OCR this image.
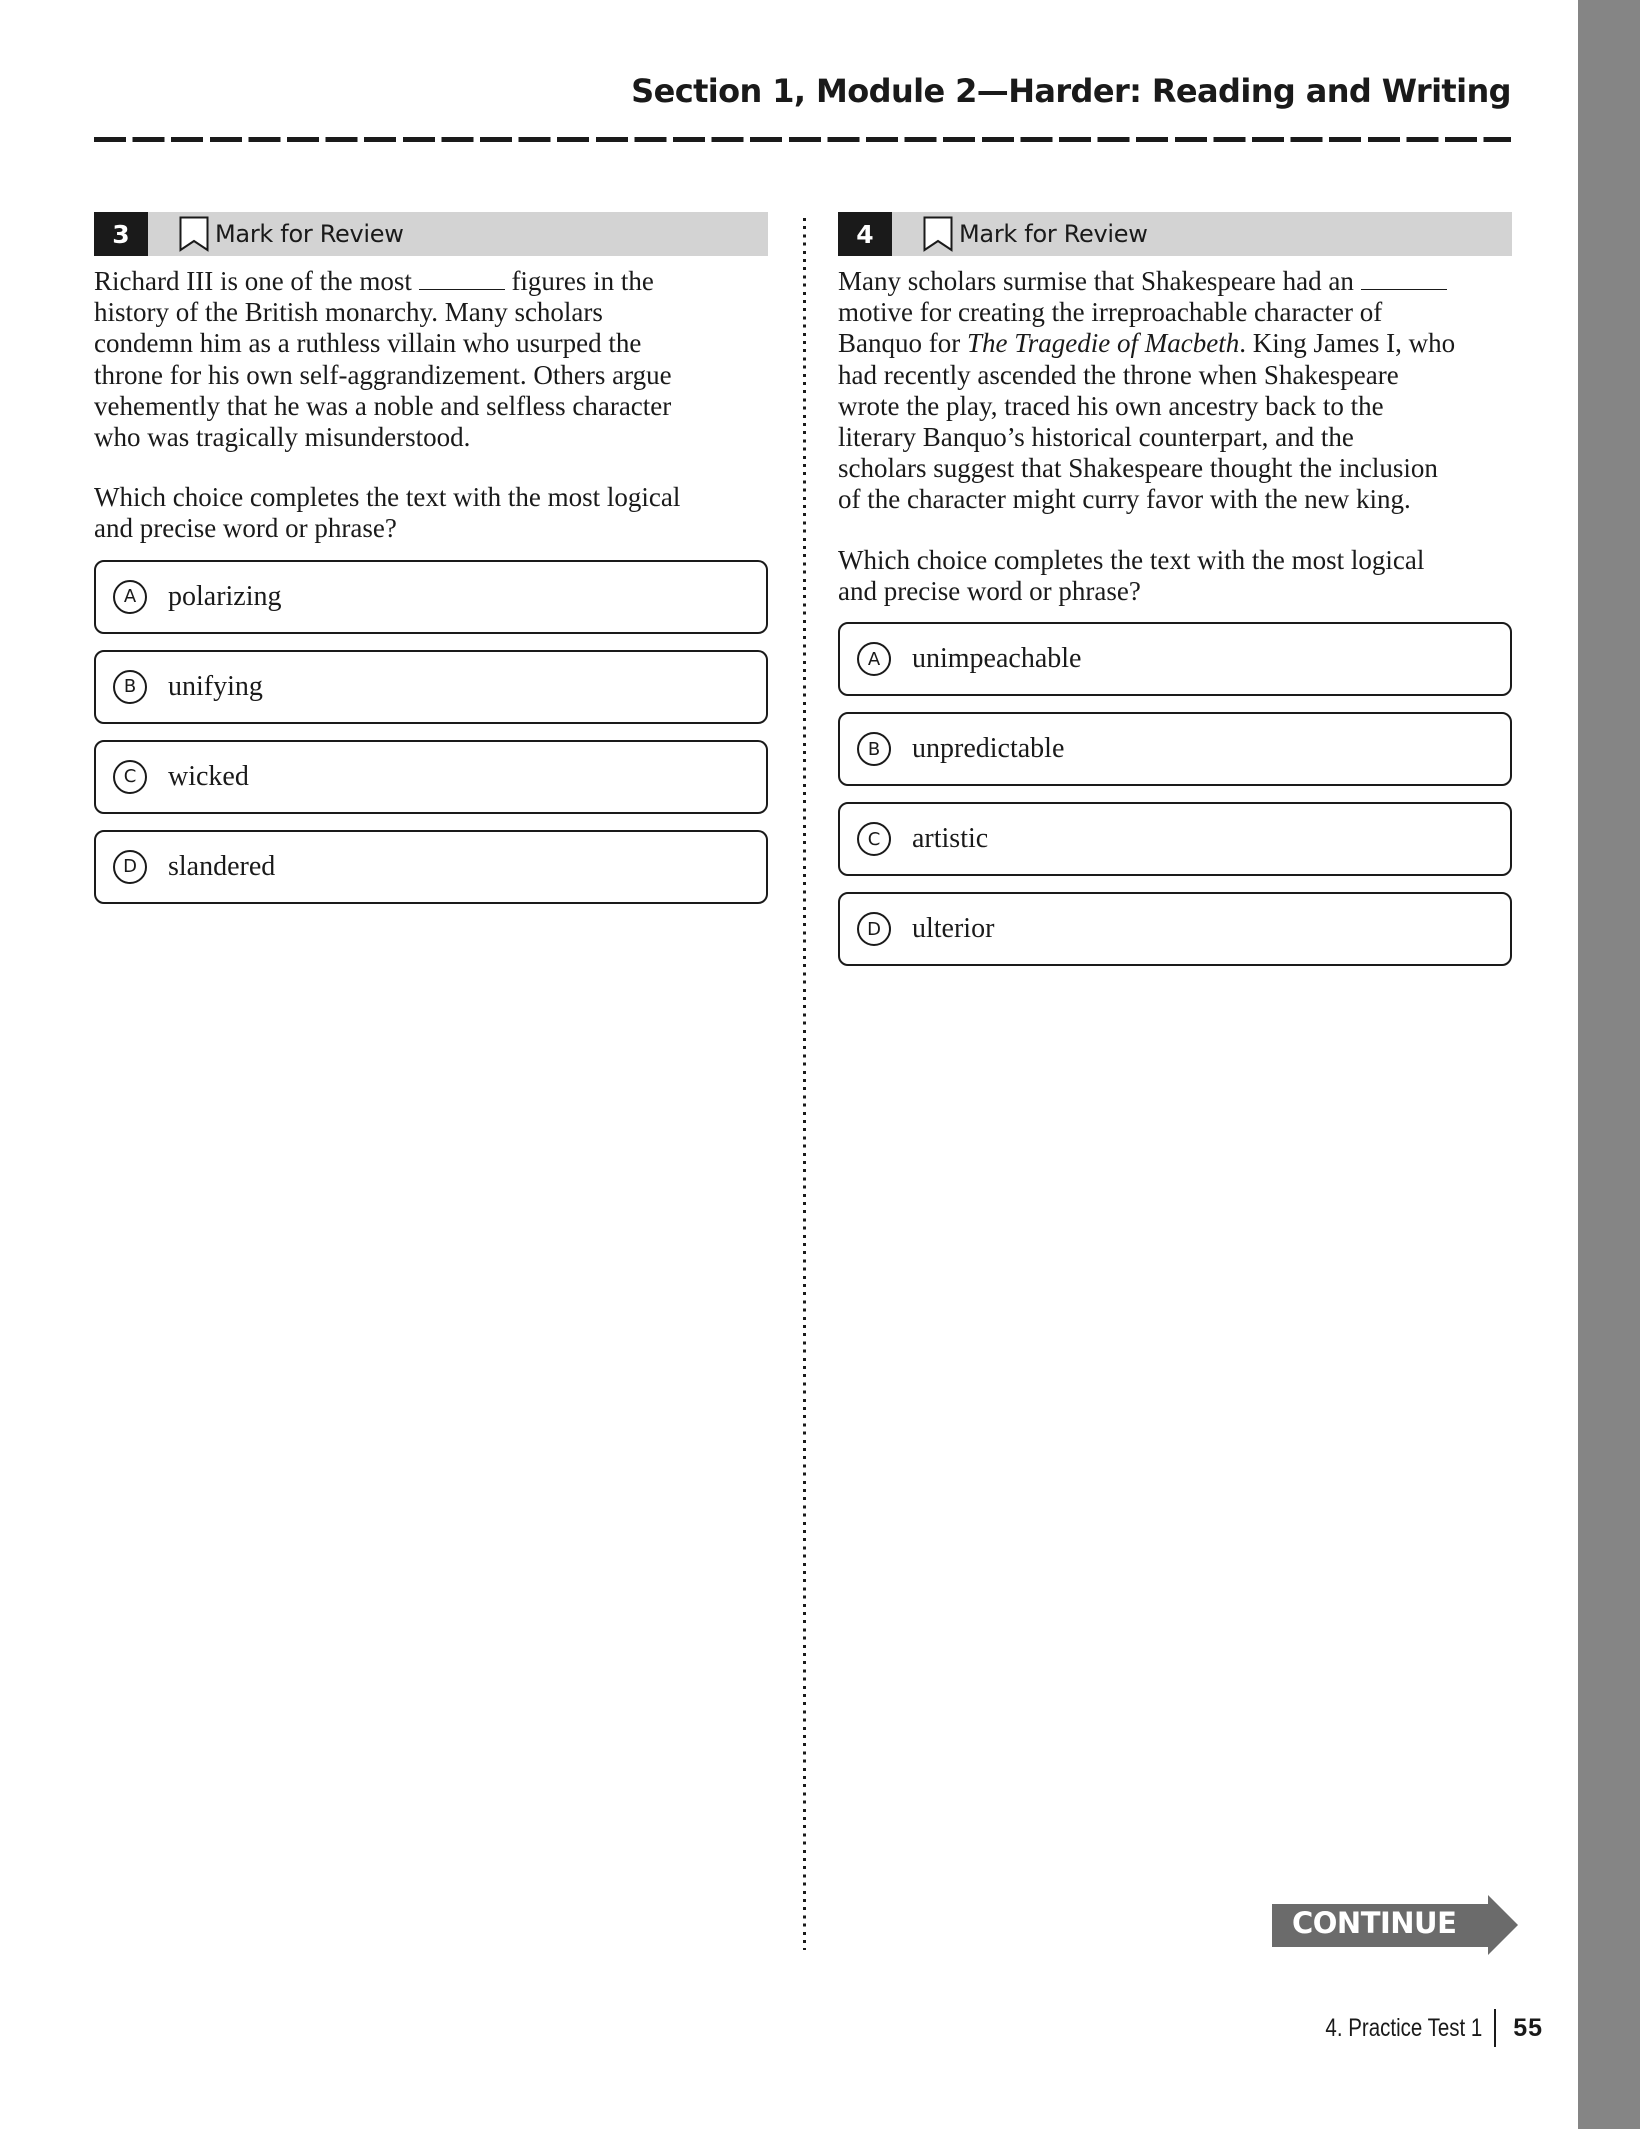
Section 1, Module 2—Harder: Reading and Writing
3	Mark for Review
Richard III is one of the most	figures in the
history of the British monarchy. Many scholars
condemn him as a ruthless villain who usurped the
throne for his own self-aggrandizement. Others argue
vehemently that he was a noble and selfless character
who was tragically misunderstood.
Which choice completes the text with the most logical
and precise word or phrase?
A	polarizing
B	unifying
C	wicked
D	slandered
4	Mark for Review
Many scholars surmise that Shakespeare had an
motive for creating the irreproachable character of
Banquo for The Tragedie of Macbeth. King James I, who
had recently ascended the throne when Shakespeare
wrote the play, traced his own ancestry back to the
literary Banquo’s historical counterpart, and the
scholars suggest that Shakespeare thought the inclusion
of the character might curry favor with the new king.
Which choice completes the text with the most logical
and precise word or phrase?
A	unimpeachable
B	unpredictable
C	artistic
D	ulterior
CONTINUE
4. Practice Test 1 55
